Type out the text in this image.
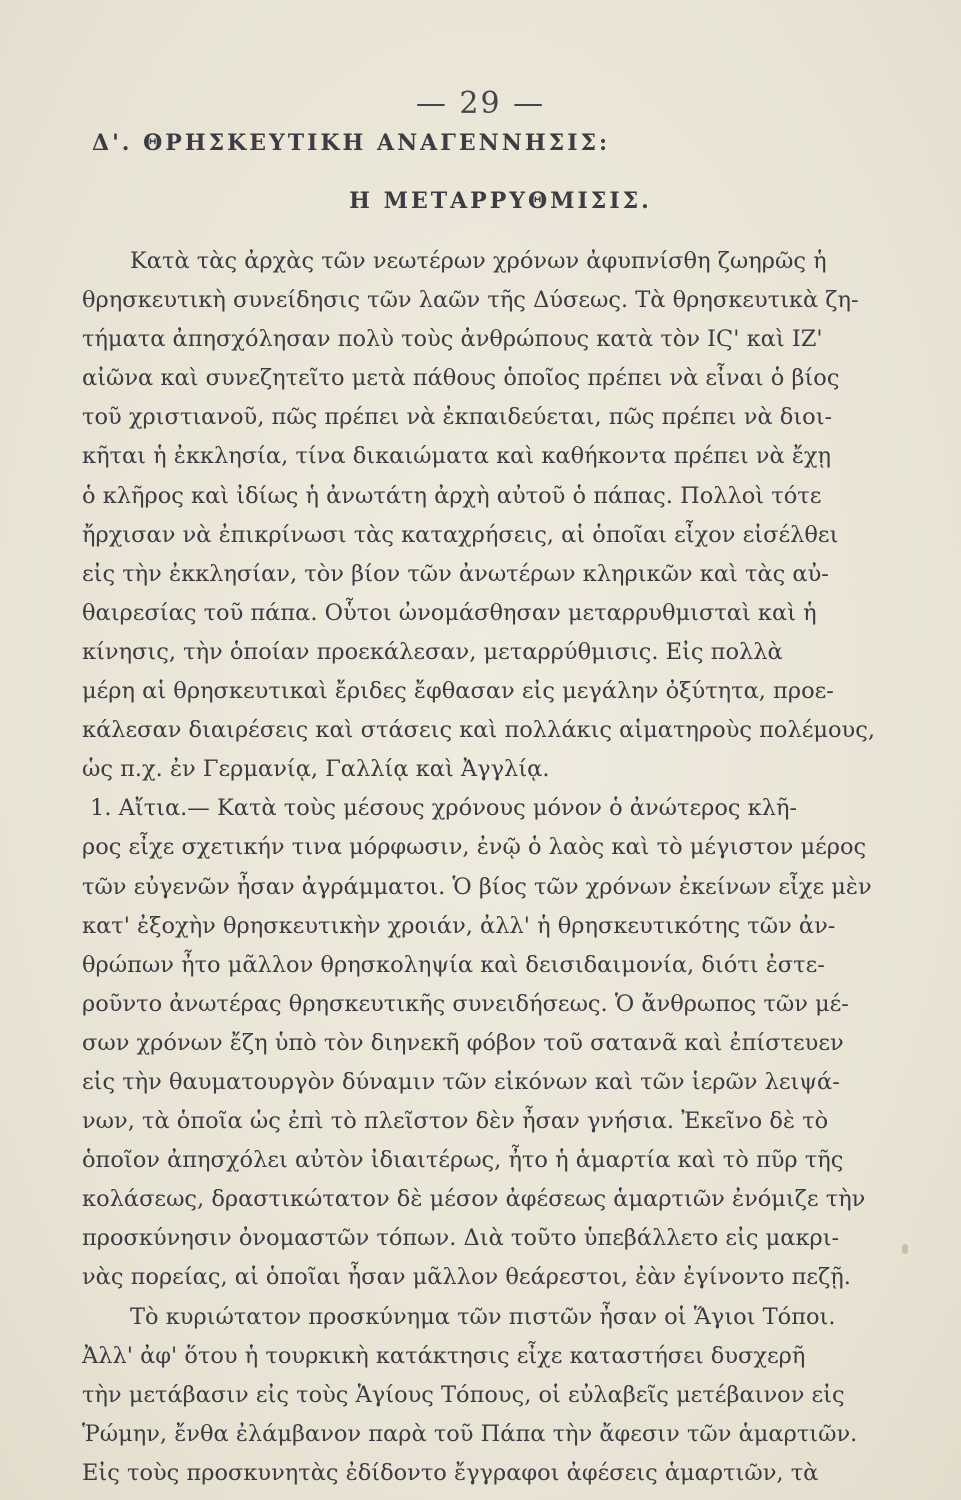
— 29 —
Δ'. ΘΡΗΣΚΕΥΤΙΚΗ ΑΝΑΓΕΝΝΗΣΙΣ:
Η ΜΕΤΑΡΡΥΘΜΙΣΙΣ.
Κατὰ τὰς ἀρχὰς τῶν νεωτέρων χρόνων ἀφυπνίσθη ζωηρῶς ἡ
θρησκευτικὴ συνείδησις τῶν λαῶν τῆς Δύσεως. Τὰ θρησκευτικὰ ζη-
τήματα ἀπησχόλησαν πολὺ τοὺς ἀνθρώπους κατὰ τὸν ΙϚ' καὶ ΙΖ'
αἰῶνα καὶ συνεζητεῖτο μετὰ πάθους ὁποῖος πρέπει νὰ εἶναι ὁ βίος
τοῦ χριστιανοῦ, πῶς πρέπει νὰ ἐκπαιδεύεται, πῶς πρέπει νὰ διοι-
κῆται ἡ ἐκκλησία, τίνα δικαιώματα καὶ καθήκοντα πρέπει νὰ ἔχῃ
ὁ κλῆρος καὶ ἰδίως ἡ ἀνωτάτη ἀρχὴ αὐτοῦ ὁ πάπας. Πολλοὶ τότε
ἤρχισαν νὰ ἐπικρίνωσι τὰς καταχρήσεις, αἱ ὁποῖαι εἶχον εἰσέλθει
εἰς τὴν ἐκκλησίαν, τὸν βίον τῶν ἀνωτέρων κληρικῶν καὶ τὰς αὐ-
θαιρεσίας τοῦ πάπα. Οὗτοι ὠνομάσθησαν μεταρρυθμισταὶ καὶ ἡ
κίνησις, τὴν ὁποίαν προεκάλεσαν, μεταρρύθμισις. Εἰς πολλὰ
μέρη αἱ θρησκευτικαὶ ἔριδες ἔφθασαν εἰς μεγάλην ὀξύτητα, προε-
κάλεσαν διαιρέσεις καὶ στάσεις καὶ πολλάκις αἱματηροὺς πολέμους,
ὡς π.χ. ἐν Γερμανίᾳ, Γαλλίᾳ καὶ Ἀγγλίᾳ.
1. Αἴτια.— Κατὰ τοὺς μέσους χρόνους μόνον ὁ ἀνώτερος κλῆ-
ρος εἶχε σχετικήν τινα μόρφωσιν, ἐνῷ ὁ λαὸς καὶ τὸ μέγιστον μέρος
τῶν εὐγενῶν ἦσαν ἀγράμματοι. Ὁ βίος τῶν χρόνων ἐκείνων εἶχε μὲν
κατ' ἐξοχὴν θρησκευτικὴν χροιάν, ἀλλ' ἡ θρησκευτικότης τῶν ἀν-
θρώπων ἦτο μᾶλλον θρησκοληψία καὶ δεισιδαιμονία, διότι ἐστε-
ροῦντο ἀνωτέρας θρησκευτικῆς συνειδήσεως. Ὁ ἄνθρωπος τῶν μέ-
σων χρόνων ἔζη ὑπὸ τὸν διηνεκῆ φόβον τοῦ σατανᾶ καὶ ἐπίστευεν
εἰς τὴν θαυματουργὸν δύναμιν τῶν εἰκόνων καὶ τῶν ἱερῶν λειψά-
νων, τὰ ὁποῖα ὡς ἐπὶ τὸ πλεῖστον δὲν ἦσαν γνήσια. Ἐκεῖνο δὲ τὸ
ὁποῖον ἀπησχόλει αὐτὸν ἰδιαιτέρως, ἦτο ἡ ἁμαρτία καὶ τὸ πῦρ τῆς
κολάσεως, δραστικώτατον δὲ μέσον ἀφέσεως ἁμαρτιῶν ἐνόμιζε τὴν
προσκύνησιν ὀνομαστῶν τόπων. Διὰ τοῦτο ὑπεβάλλετο εἰς μακρι-
νὰς πορείας, αἱ ὁποῖαι ἦσαν μᾶλλον θεάρεστοι, ἐὰν ἐγίνοντο πεζῇ.
Τὸ κυριώτατον προσκύνημα τῶν πιστῶν ἦσαν οἱ Ἅγιοι Τόποι.
Ἀλλ' ἀφ' ὅτου ἡ τουρκικὴ κατάκτησις εἶχε καταστήσει δυσχερῆ
τὴν μετάβασιν εἰς τοὺς Ἁγίους Τόπους, οἱ εὐλαβεῖς μετέβαινον εἰς
Ῥώμην, ἔνθα ἐλάμβανον παρὰ τοῦ Πάπα τὴν ἄφεσιν τῶν ἁμαρτιῶν.
Εἰς τοὺς προσκυνητὰς ἐδίδοντο ἔγγραφοι ἀφέσεις ἁμαρτιῶν, τὰ
